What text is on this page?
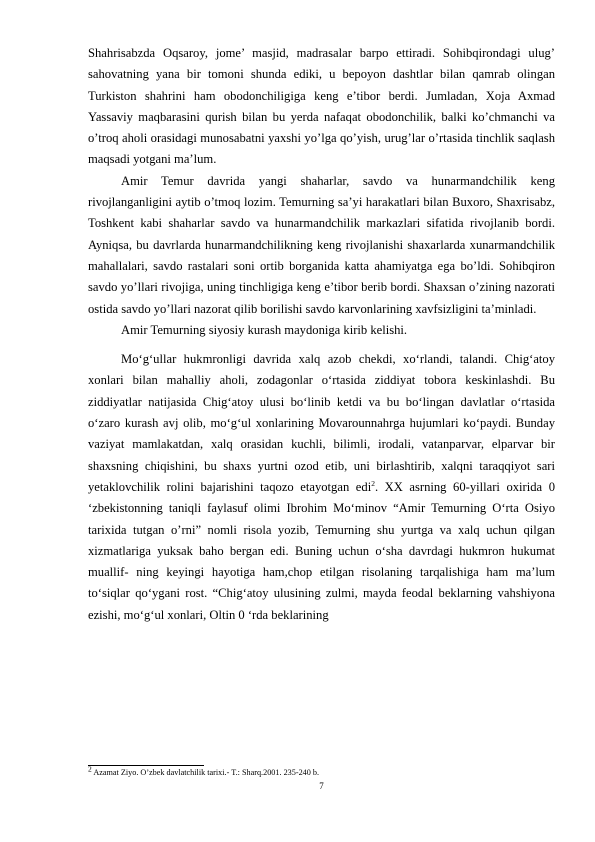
Shahrisabzda Oqsaroy, jome’ masjid, madrasalar barpo ettiradi. Sohibqirondagi ulug’ sahovatning yana bir tomoni shunda ediki, u bepoyon dashtlar bilan qamrab olingan Turkiston shahrini ham obodonchiligiga keng e’tibor berdi. Jumladan, Xoja Axmad Yassaviy maqbarasini qurish bilan bu yerda nafaqat obodonchilik, balki ko’chmanchi va o’troq aholi orasidagi munosabatni yaxshi yo’lga qo’yish, urug’lar o’rtasida tinchlik saqlash maqsadi yotgani ma’lum.

Amir Temur davrida yangi shaharlar, savdo va hunarmandchilik keng rivojlanganligini aytib o’tmoq lozim. Temurning sa’yi harakatlari bilan Buxoro, Shaxrisabz, Toshkent kabi shaharlar savdo va hunarmandchilik markazlari sifatida rivojlanib bordi. Ayniqsa, bu davrlarda hunarmandchilikning keng rivojlanishi shaxarlarda xunarmandchilik mahallalari, savdo rastalari soni ortib borganida katta ahamiyatga ega bo’ldi. Sohibqiron savdo yo’llari rivojiga, uning tinchligiga keng e’tibor berib bordi. Shaxsan o’zining nazorati ostida savdo yo’llari nazorat qilib borilishi savdo karvonlarining xavfsizligini ta’minladi.

Amir Temurning siyosiy kurash maydoniga kirib kelishi.

Mo‘g‘ullar hukmronligi davrida xalq azob chekdi, xo‘rlandi, talandi. Chig‘atoy xonlari bilan mahalliy aholi, zodagonlar o‘rtasida ziddiyat tobora keskinlashdi. Bu ziddiyatlar natijasida Chig‘atoy ulusi bo‘linib ketdi va bu bo‘lingan davlatlar o‘rtasida o‘zaro kurash avj olib, mo‘g‘ul xonlarining Movarounnahrga hujumlari ko‘paydi. Bunday vaziyat mamlakatdan, xalq orasidan kuchli, bilimli, irodali, vatanparvar, elparvar bir shaxsning chiqishini, bu shaxs yurtni ozod etib, uni birlashtirib, xalqni taraqqiyot sari yetaklovchilik rolini bajarishini taqozo etayotgan edi$^2$. XX asrning 60-yillari oxirida 0 ‘zbekistonning taniqli faylasuf olimi Ibrohim Mo‘minov “Amir Temurning O‘rta Osiyo tarixida tutgan o’rni” nomli risola yozib, Temurning shu yurtga va xalq uchun qilgan xizmatlariga yuksak baho bergan edi. Buning uchun o‘sha davrdagi hukmron hukumat muallif- ning keyingi hayotiga ham,chop etilgan risolaning tarqalishiga ham ma’lum to‘siqlar qo‘ygani rost. “Chig‘atoy ulusining zulmi, mayda feodal beklarning vahshiyona ezishi, mo‘g‘ul xonlari, Oltin 0 ‘rda beklarining

$^2$ Azamat Ziyo. O’zbek davlatchilik tarixi.- T.: Sharq.2001. 235-240 b.
7
